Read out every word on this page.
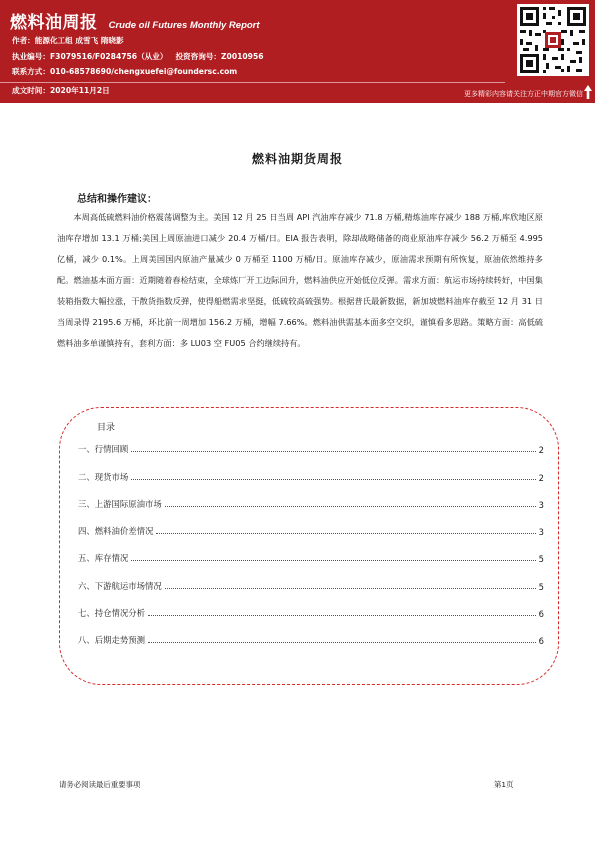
燃料油周报 Crude oil Futures Monthly Report
作者：能源化工组 成雪飞 隋晓影
执业编号：F3079516/F0284756（从业） 投资咨询号：Z0010956
联系方式：010-68578690/chengxuefei@foundersc.com
成文时间：2020年11月2日	更多精彩内容请关注方正中期官方微信
燃料油期货周报
总结和操作建议：

本周高低硫燃料油价格震荡调整为主。美国 12 月 25 日当周 API 汽油库存减少 71.8 万桶,精炼油库存减少 188 万桶,库欣地区原油库存增加 13.1 万桶;美国上周原油进口减少 20.4 万桶/日。EIA 报告表明，除却战略储备的商业原油库存减少 56.2 万桶至 4.995 亿桶，减少 0.1%。上周美国国内原油产量减少 0 万桶至 1100 万桶/日。原油库存减少，原油需求预期有所恢复，原油依然维持多配。燃油基本面方面：近期随着春检结束，全球炼厂开工边际回升，燃料油供应开始低位反弹。需求方面：航运市场持续转好，中国集装箱指数大幅拉涨，干散货指数反弹，使得船燃需求坚挺，低硫较高硫强势。根据普氏最新数据，新加坡燃料油库存截至 12 月 31 日当周录得 2195.6 万桶，环比前一周增加 156.2 万桶，增幅 7.66%。燃料油供需基本面多空交织，谨慎看多思路。策略方面：高低硫燃料油多单谨慎持有，套利方面：多 LU03 空 FU05 合约继续持有。

目录
一、行情回顾	2
二、现货市场	2
三、上游国际原油市场	3
四、燃料油价差情况	3
五、库存情况	5
六、下游航运市场情况	5
七、持仓情况分析	6
八、后期走势预测	6
请务必阅读最后重要事项	第1页
